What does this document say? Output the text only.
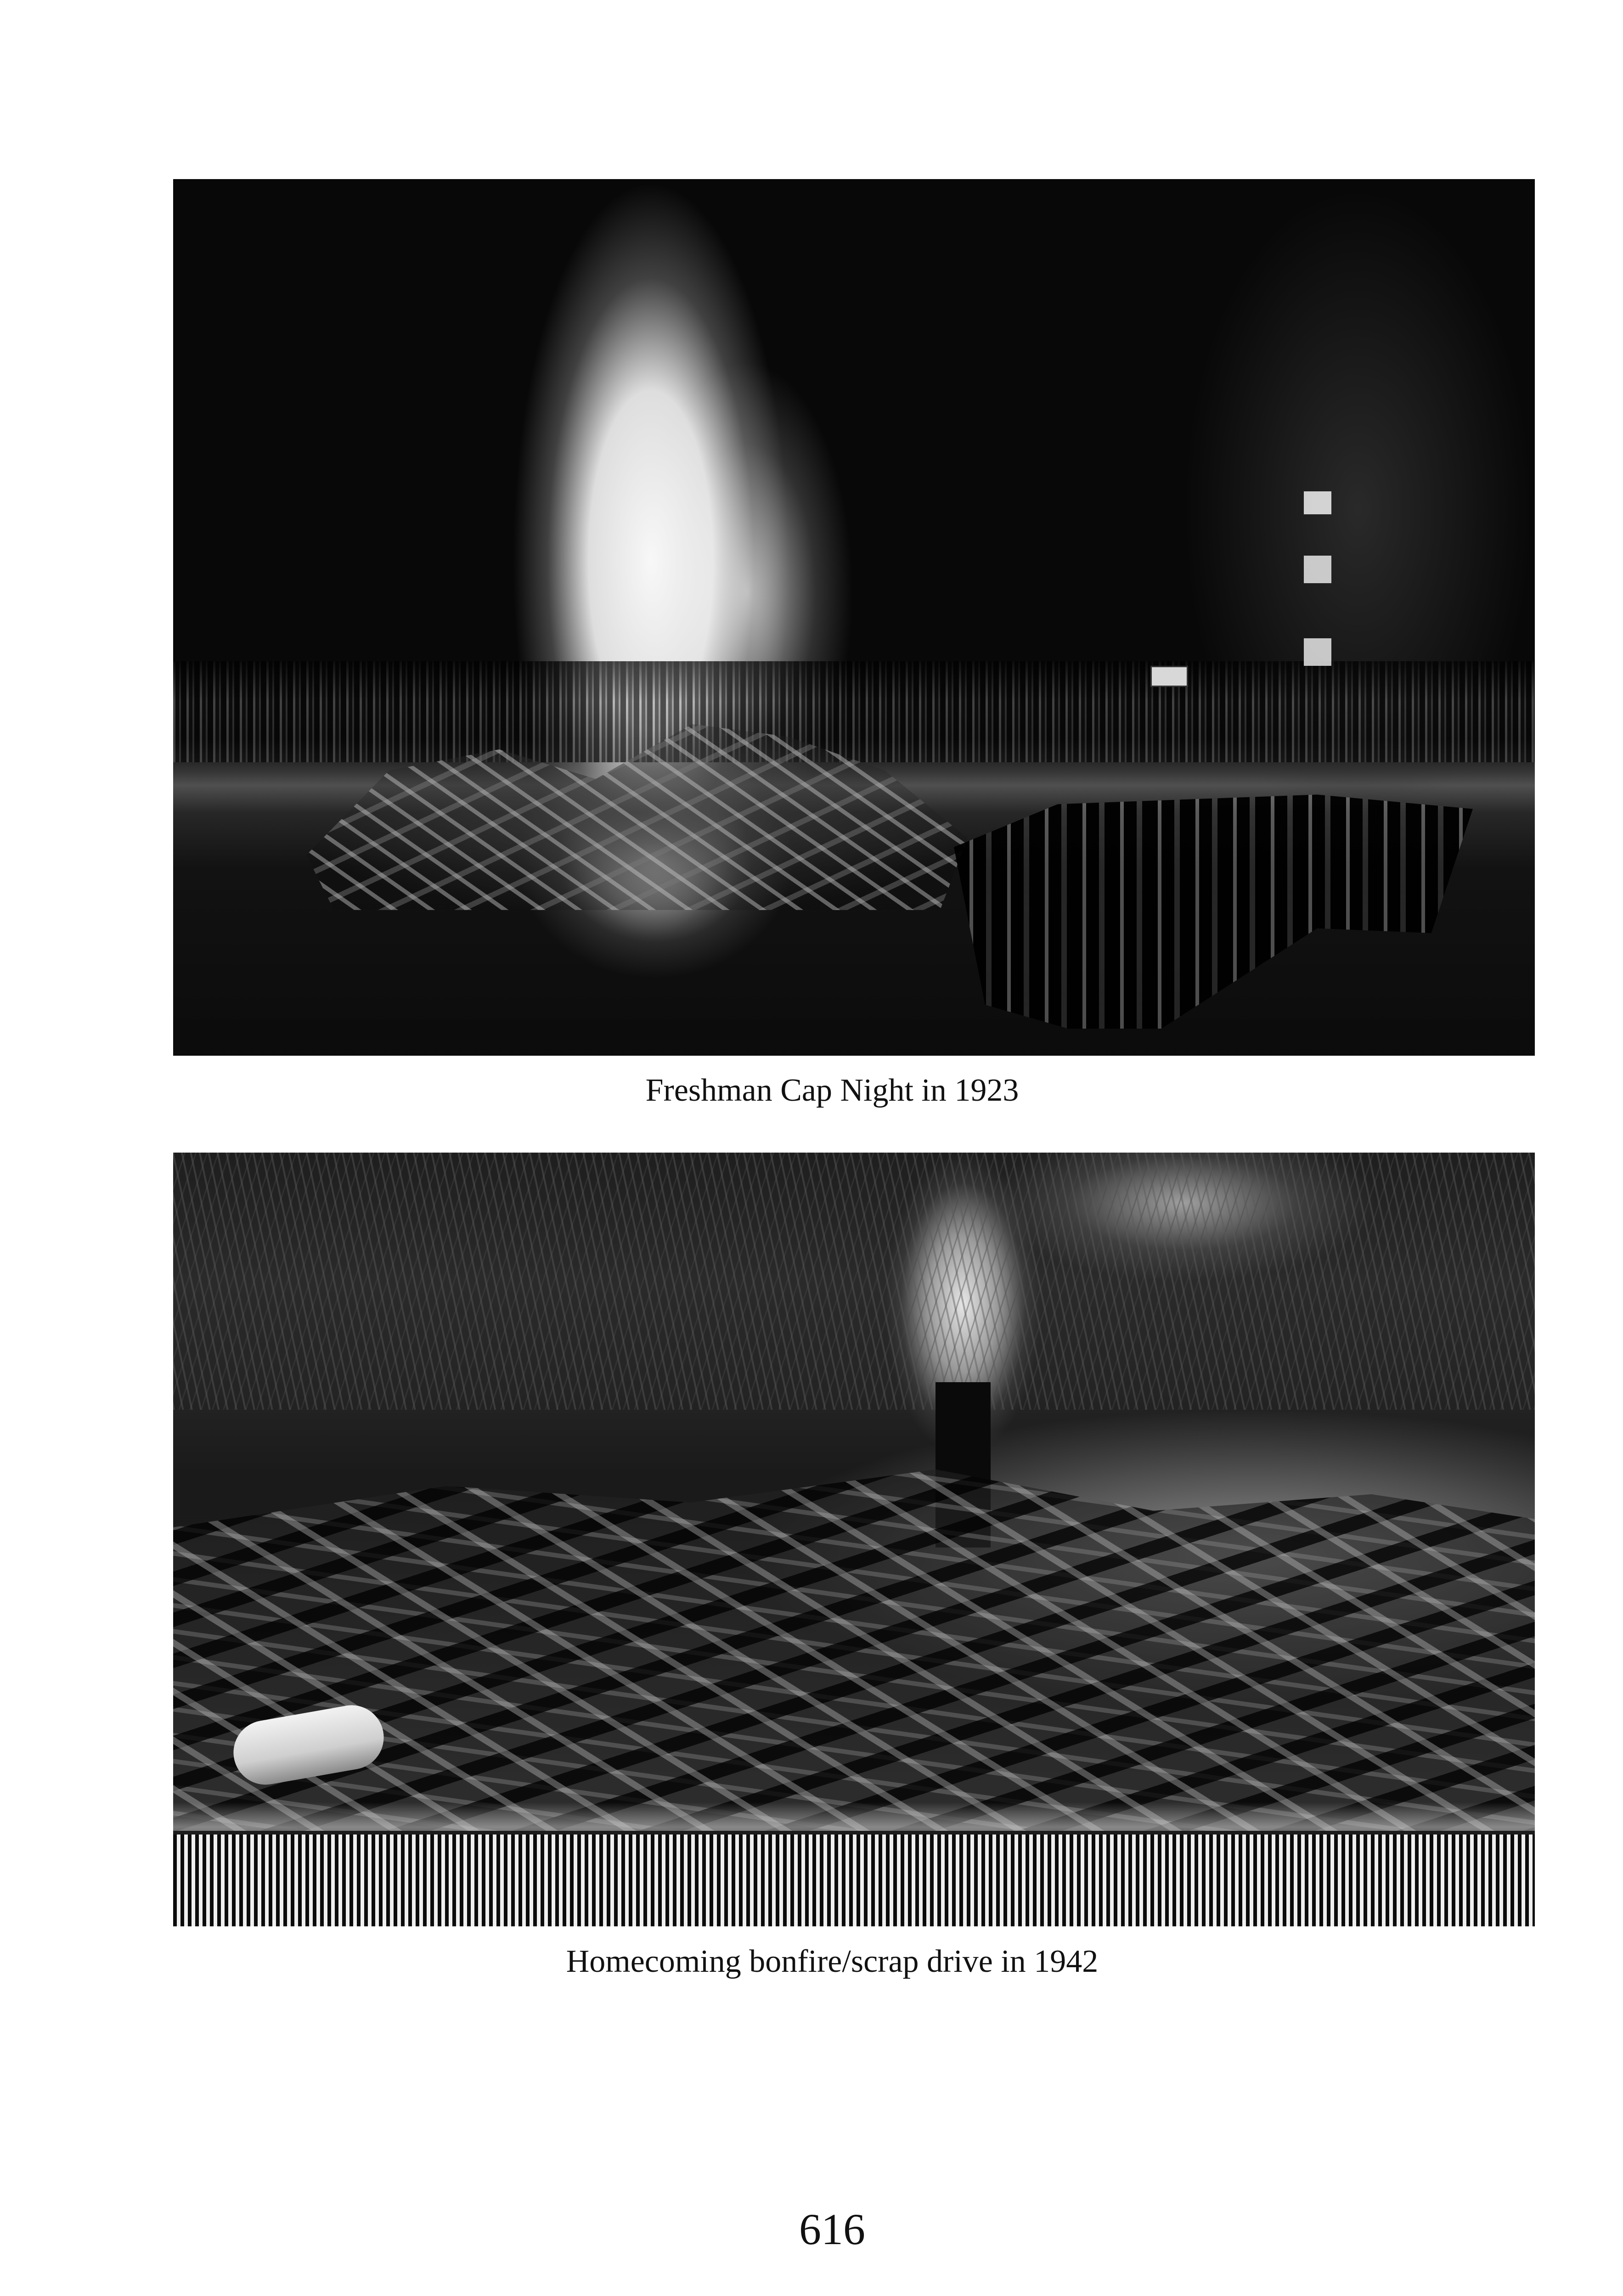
Freshman Cap Night in 1923
Homecoming bonfire/scrap drive in 1942
616
